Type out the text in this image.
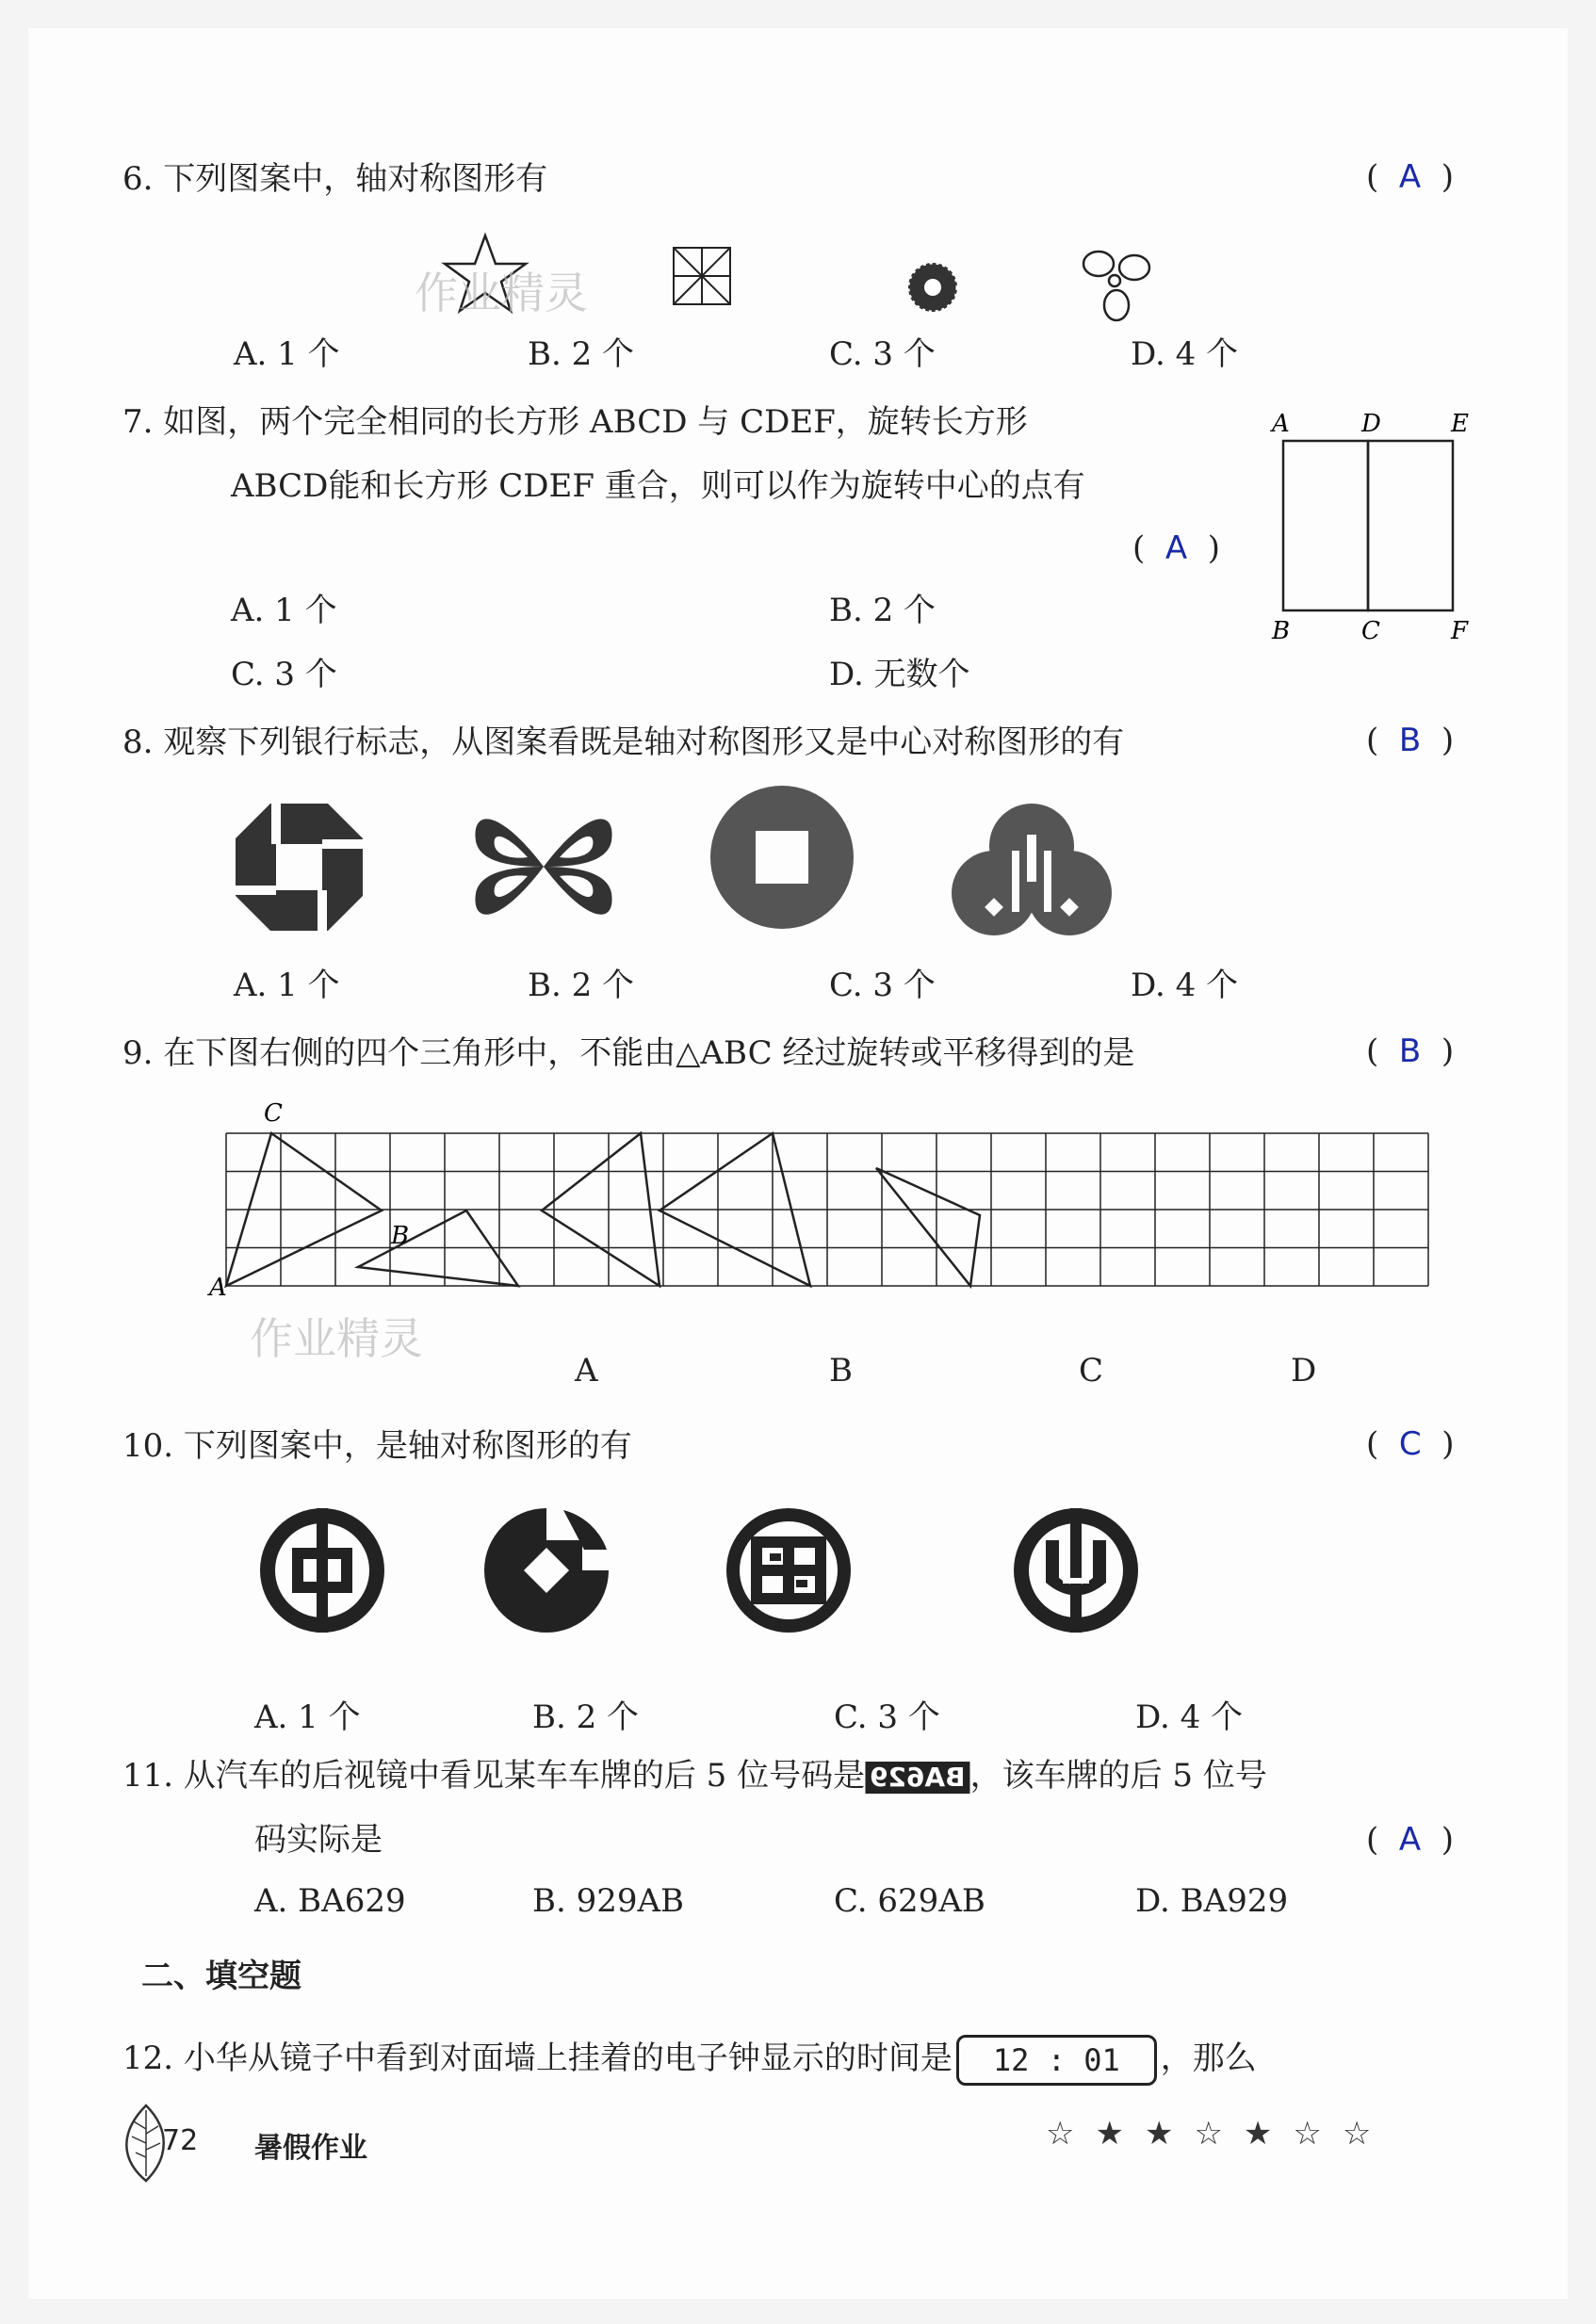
6. 下列图案中，轴对称图形有	(  A  )
作业精灵
A. 1 个	B. 2 个	C. 3 个	D. 4 个
7. 如图，两个完全相同的长方形 ABCD 与 CDEF，旋转长方形
ABCD能和长方形 CDEF 重合，则可以作为旋转中心的点有
(  A  )
A	D	E
B	C	F
A. 1 个	B. 2 个
C. 3 个	D. 无数个
8. 观察下列银行标志，从图案看既是轴对称图形又是中心对称图形的有	(  B  )
A. 1 个	B. 2 个	C. 3 个	D. 4 个
9. 在下图右侧的四个三角形中，不能由△ABC 经过旋转或平移得到的是	(  B  )
C
B
A
作业精灵
A	B	C	D
10. 下列图案中，是轴对称图形的有	(  C  )
A. 1 个	B. 2 个	C. 3 个	D. 4 个
11. 从汽车的后视镜中看见某车车牌的后 5 位号码是 BA629 ，该车牌的后 5 位号
码实际是	(  A  )
A. BA629	B. 929AB	C. 629AB	D. BA929
二、填空题
12. 小华从镜子中看到对面墙上挂着的电子钟显示的时间是 12 : 01 ，那么
72 暑假作业	☆★★☆★☆☆
